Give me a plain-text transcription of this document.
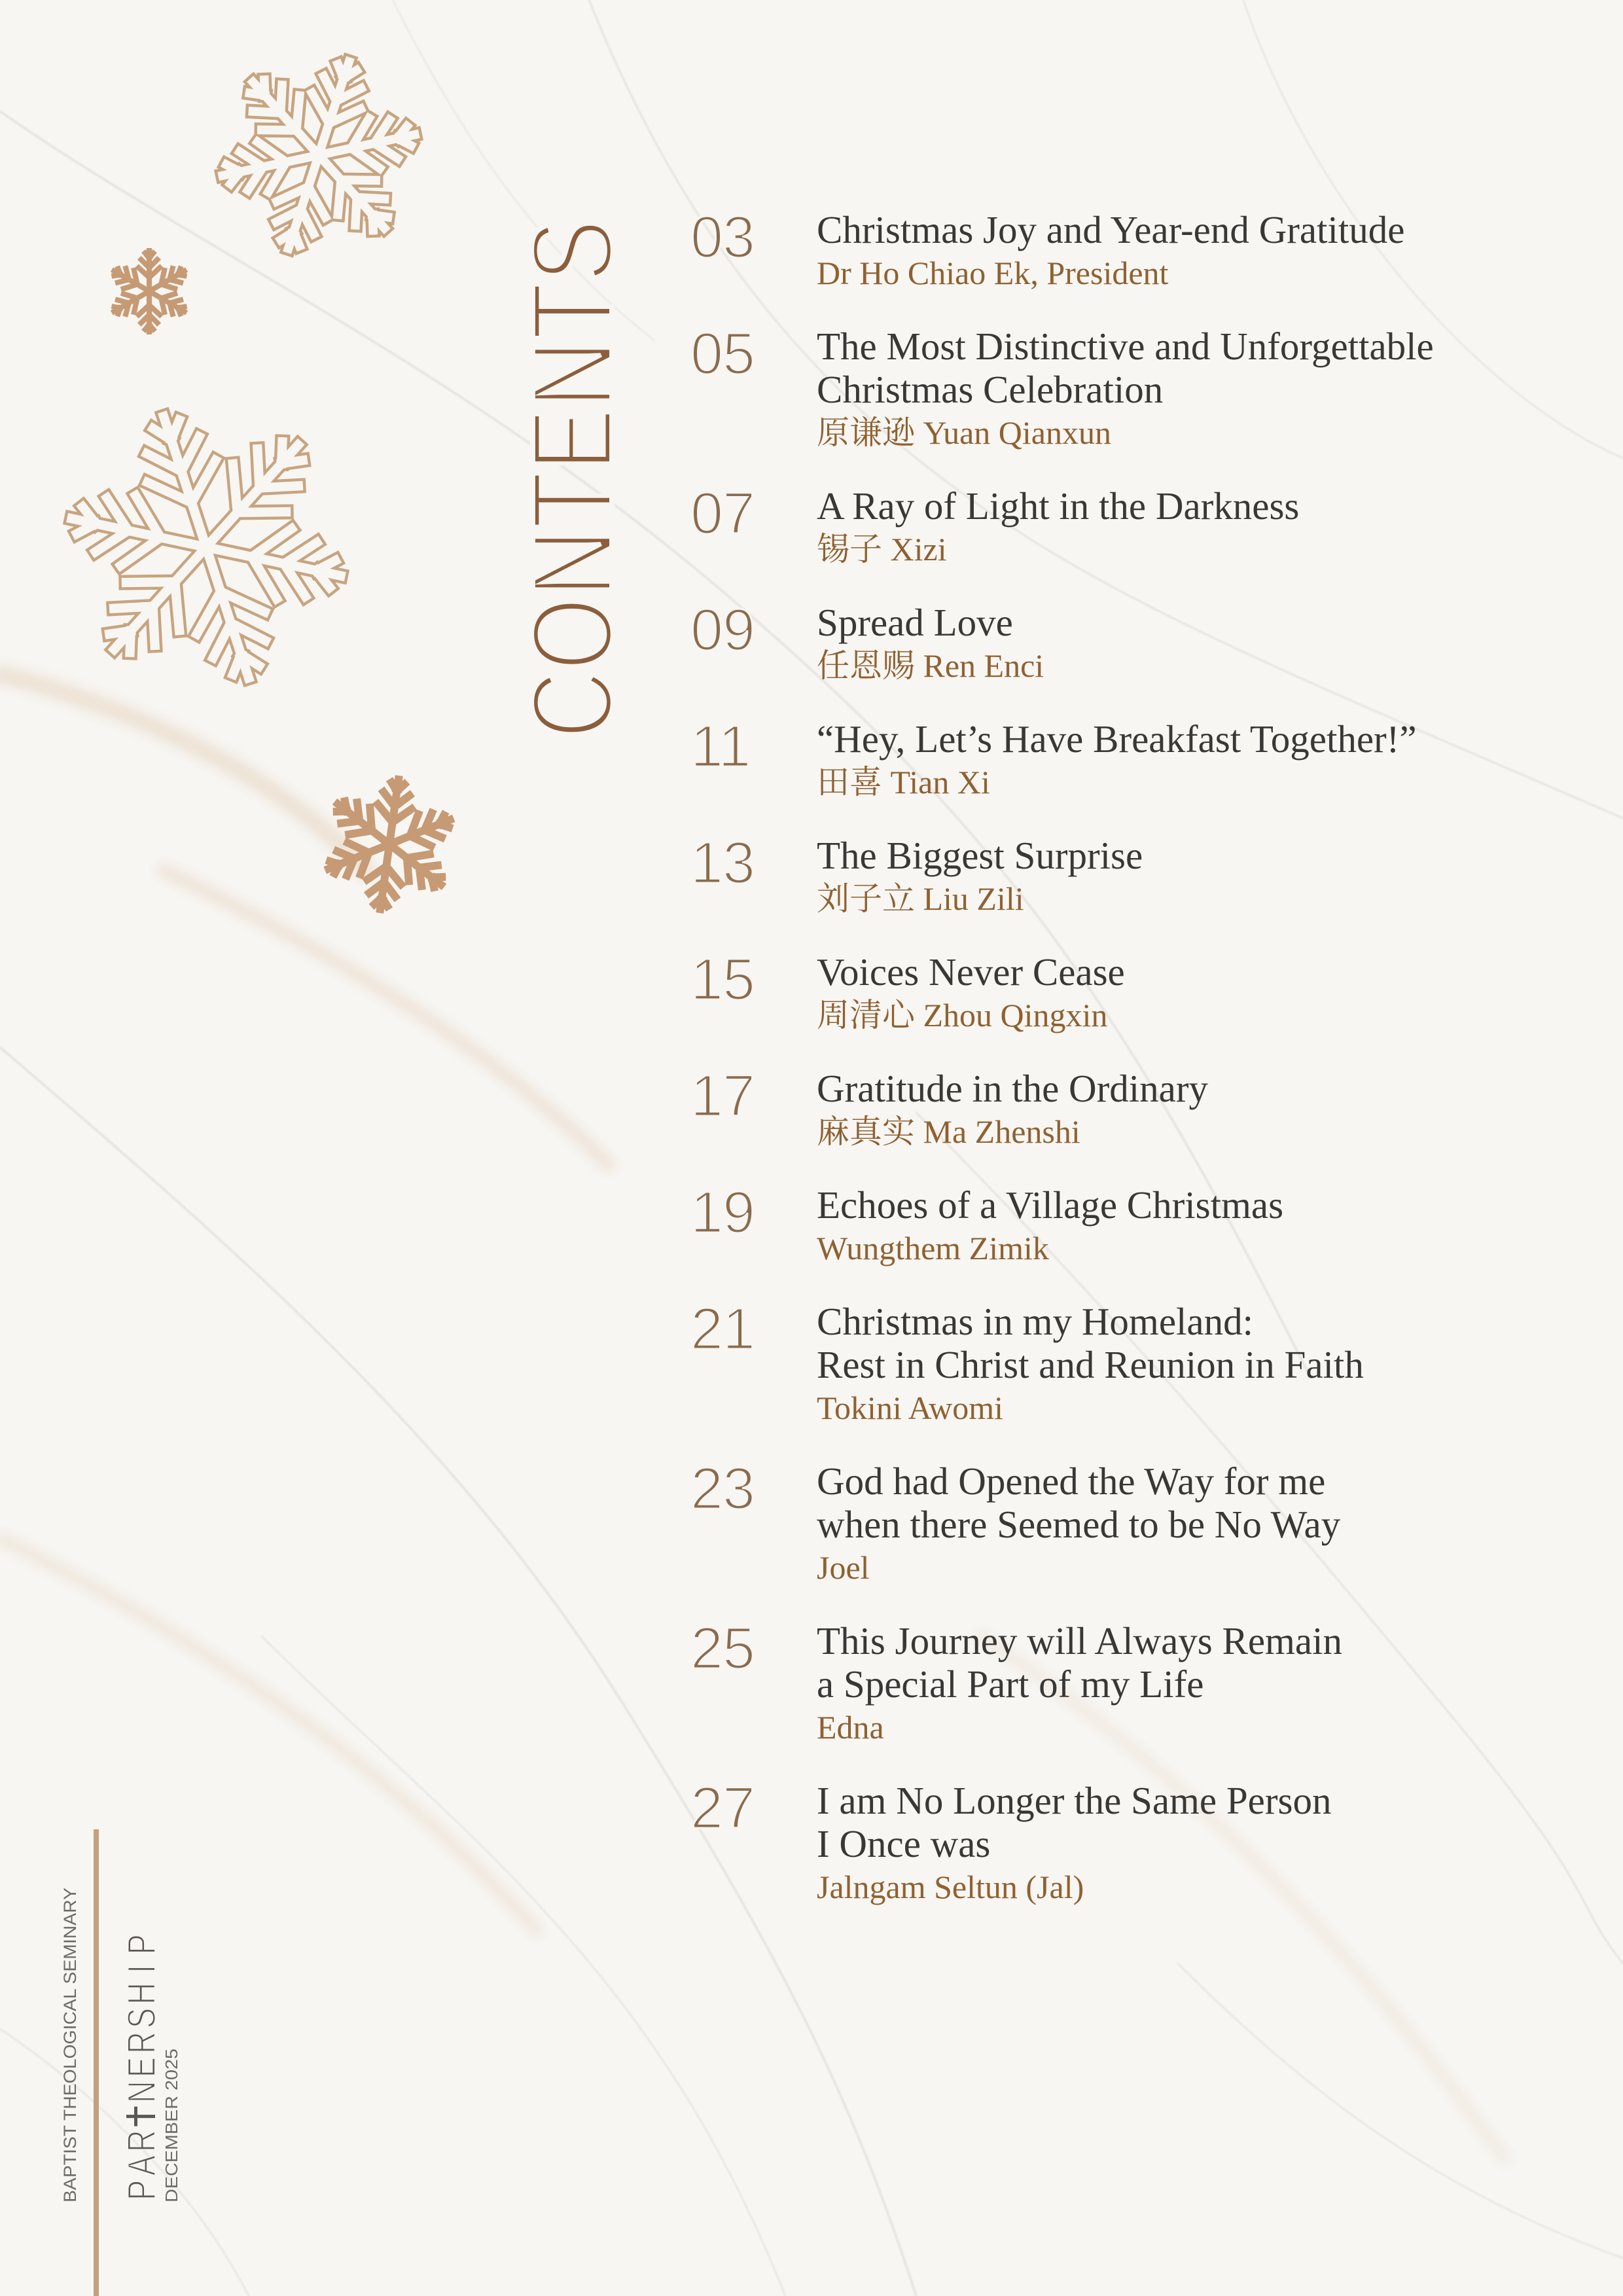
CONTENTS 03	Christmas Joy and Year-end Gratitude
Dr Ho Chiao Ek, President
05	The Most Distinctive and Unforgettable
Christmas Celebration
原谦逊 Yuan Qianxun
07	A Ray of Light in the Darkness
锡子 Xizi
09	Spread Love
任恩赐 Ren Enci
11	“Hey, Let’s Have Breakfast Together!”
田喜 Tian Xi
13	The Biggest Surprise
刘子立 Liu Zili
15	Voices Never Cease
周清心 Zhou Qingxin
17	Gratitude in the Ordinary
麻真实 Ma Zhenshi
19	Echoes of a Village Christmas
Wungthem Zimik
21	Christmas in my Homeland:
Rest in Christ and Reunion in Faith
Tokini Awomi
23	God had Opened the Way for me
when there Seemed to be No Way
Joel
25	This Journey will Always Remain
a Special Part of my Life
Edna
27	I am No Longer the Same Person
I Once was
Jalngam Seltun (Jal)
BAPTIST THEOLOGICAL SEMINARY P
A
R
N
E
R
S
H
I
P
DECEMBER 2025
